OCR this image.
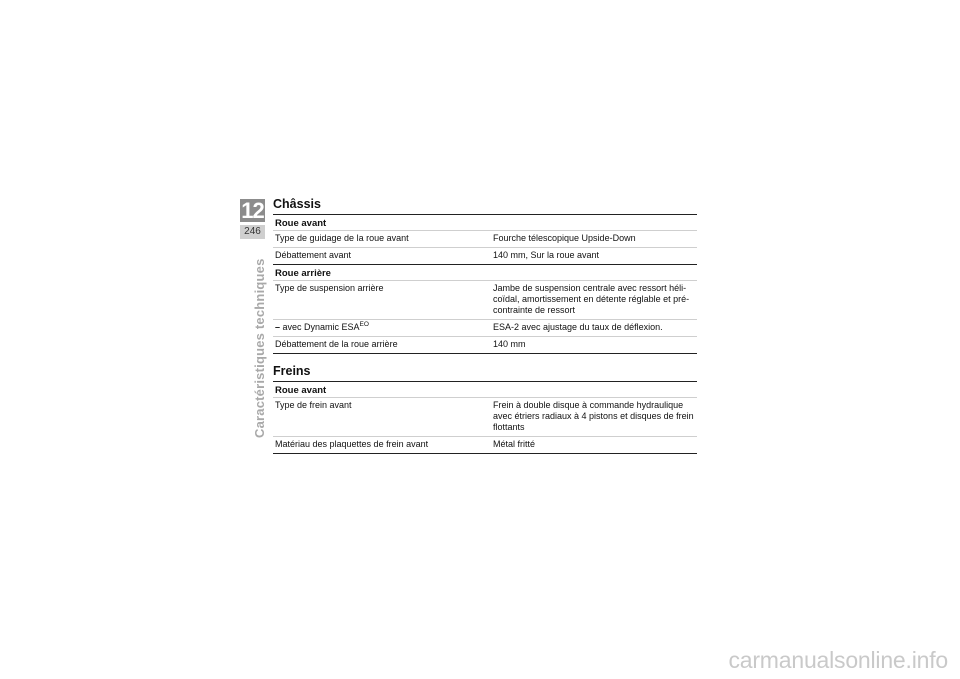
12
246
Caractéristiques techniques
Châssis
Roue avant
Type de guidage de la roue avant	Fourche télescopique Upside-Down
Débattement avant	140 mm, Sur la roue avant
Roue arrière
Type de suspension arrière	Jambe de suspension centrale avec ressort héli-
coïdal, amortissement en détente réglable et pré-
contrainte de ressort
– avec Dynamic $ESA^{EO}$	ESA-2 avec ajustage du taux de déflexion.
Débattement de la roue arrière	140 mm
Freins
Roue avant
Type de frein avant	Frein à double disque à commande hydraulique
avec étriers radiaux à 4 pistons et disques de frein
flottants
Matériau des plaquettes de frein avant	Métal fritté
carmanualsonline.info
